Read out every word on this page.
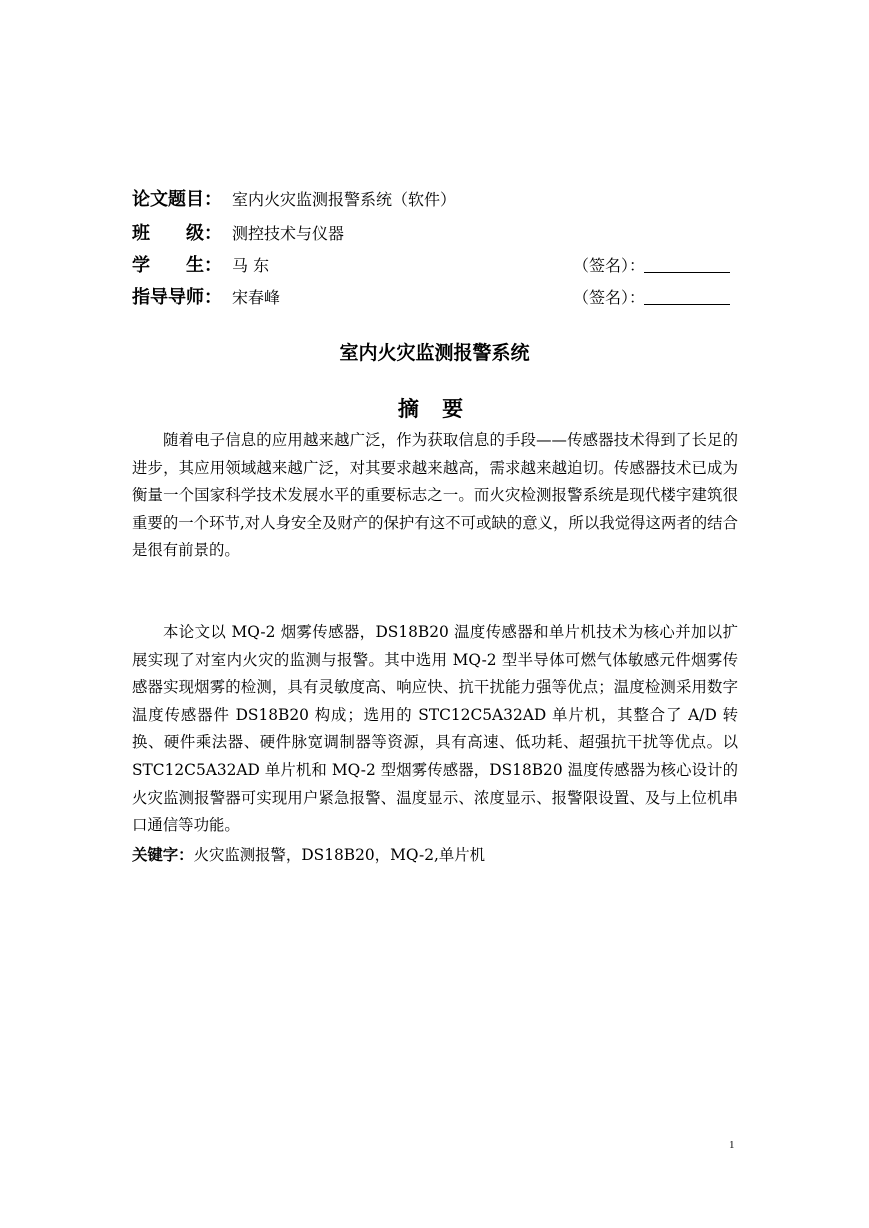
论文题目： 室内火灾监测报警系统（软件）
班　　级： 测控技术与仪器
学　　生： 马 东	（签名）：
指导导师： 宋春峰	（签名）：
室内火灾监测报警系统
摘 要

随着电子信息的应用越来越广泛，作为获取信息的手段——传感器技术得到了长足的进步，其应用领域越来越广泛，对其要求越来越高，需求越来越迫切。传感器技术已成为衡量一个国家科学技术发展水平的重要标志之一。而火灾检测报警系统是现代楼宇建筑很重要的一个环节,对人身安全及财产的保护有这不可或缺的意义，所以我觉得这两者的结合是很有前景的。

本论文以 MQ-2 烟雾传感器，DS18B20 温度传感器和单片机技术为核心并加以扩展实现了对室内火灾的监测与报警。其中选用 MQ-2 型半导体可燃气体敏感元件烟雾传感器实现烟雾的检测，具有灵敏度高、响应快、抗干扰能力强等优点；温度检测采用数字温度传感器件 DS18B20 构成；选用的 STC12C5A32AD 单片机，其整合了 A/D 转换、硬件乘法器、硬件脉宽调制器等资源，具有高速、低功耗、超强抗干扰等优点。以 STC12C5A32AD 单片机和 MQ-2 型烟雾传感器，DS18B20 温度传感器为核心设计的火灾监测报警器可实现用户紧急报警、温度显示、浓度显示、报警限设置、及与上位机串口通信等功能。

关键字：火灾监测报警，DS18B20，MQ-2,单片机
1
